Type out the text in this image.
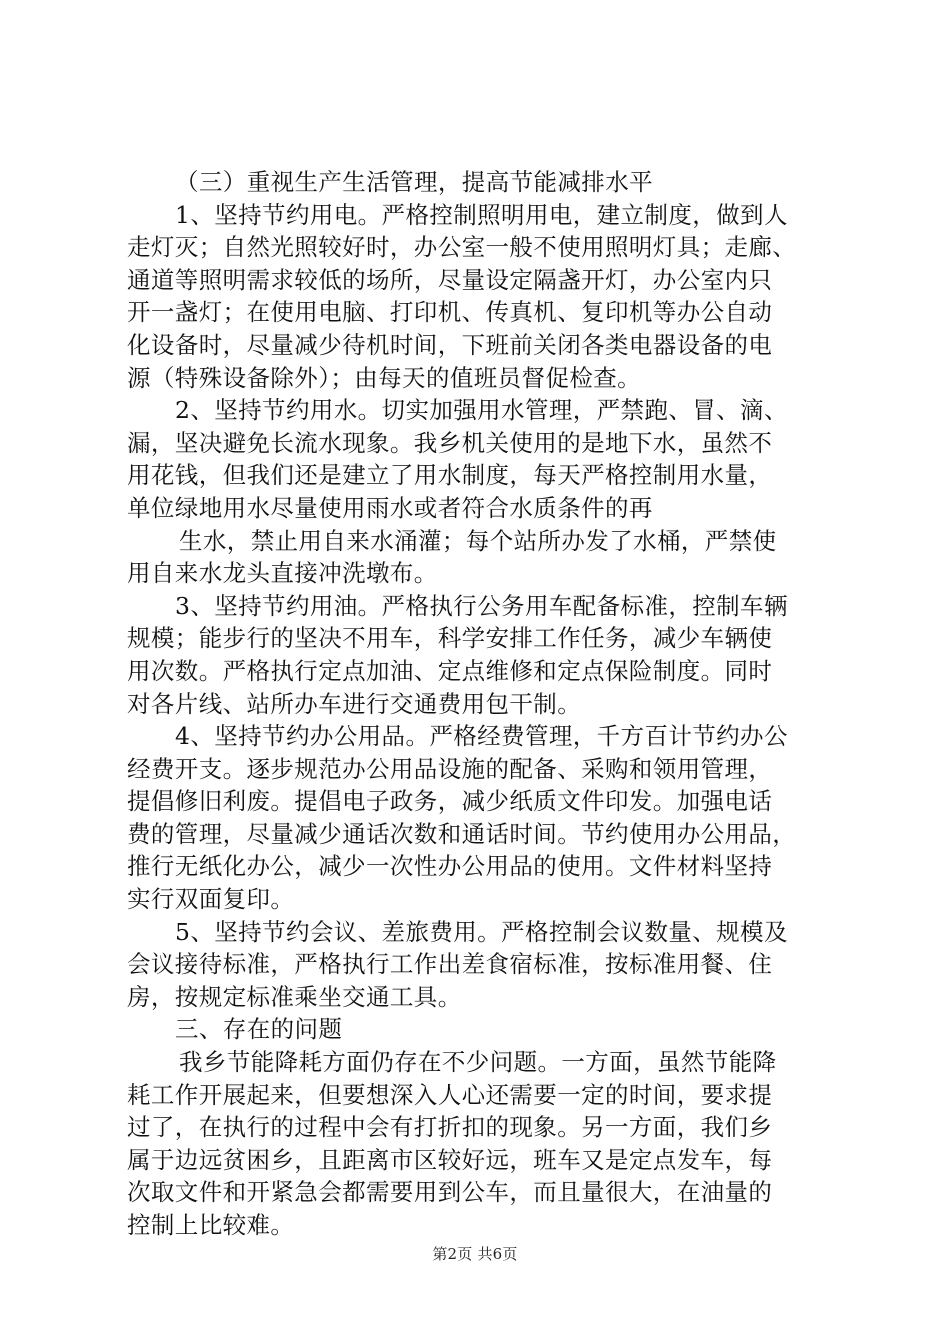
（三）重视生产生活管理，提高节能减排水平
1、坚持节约用电。严格控制照明用电，建立制度，做到人
走灯灭；自然光照较好时，办公室一般不使用照明灯具；走廊、
通道等照明需求较低的场所，尽量设定隔盏开灯，办公室内只
开一盏灯；在使用电脑、打印机、传真机、复印机等办公自动
化设备时，尽量减少待机时间，下班前关闭各类电器设备的电
源（特殊设备除外）；由每天的值班员督促检查。
2、坚持节约用水。切实加强用水管理，严禁跑、冒、滴、
漏，坚决避免长流水现象。我乡机关使用的是地下水，虽然不
用花钱，但我们还是建立了用水制度，每天严格控制用水量，
单位绿地用水尽量使用雨水或者符合水质条件的再
生水，禁止用自来水涌灌；每个站所办发了水桶，严禁使
用自来水龙头直接冲洗墩布。
3、坚持节约用油。严格执行公务用车配备标准，控制车辆
规模；能步行的坚决不用车，科学安排工作任务，减少车辆使
用次数。严格执行定点加油、定点维修和定点保险制度。同时
对各片线、站所办车进行交通费用包干制。
4、坚持节约办公用品。严格经费管理，千方百计节约办公
经费开支。逐步规范办公用品设施的配备、采购和领用管理，
提倡修旧利废。提倡电子政务，减少纸质文件印发。加强电话
费的管理，尽量减少通话次数和通话时间。节约使用办公用品，
推行无纸化办公，减少一次性办公用品的使用。文件材料坚持
实行双面复印。
5、坚持节约会议、差旅费用。严格控制会议数量、规模及
会议接待标准，严格执行工作出差食宿标准，按标准用餐、住
房，按规定标准乘坐交通工具。
三、存在的问题
我乡节能降耗方面仍存在不少问题。一方面，虽然节能降
耗工作开展起来，但要想深入人心还需要一定的时间，要求提
过了，在执行的过程中会有打折扣的现象。另一方面，我们乡
属于边远贫困乡，且距离市区较好远，班车又是定点发车，每
次取文件和开紧急会都需要用到公车，而且量很大，在油量的
控制上比较难。
第2页 共6页
